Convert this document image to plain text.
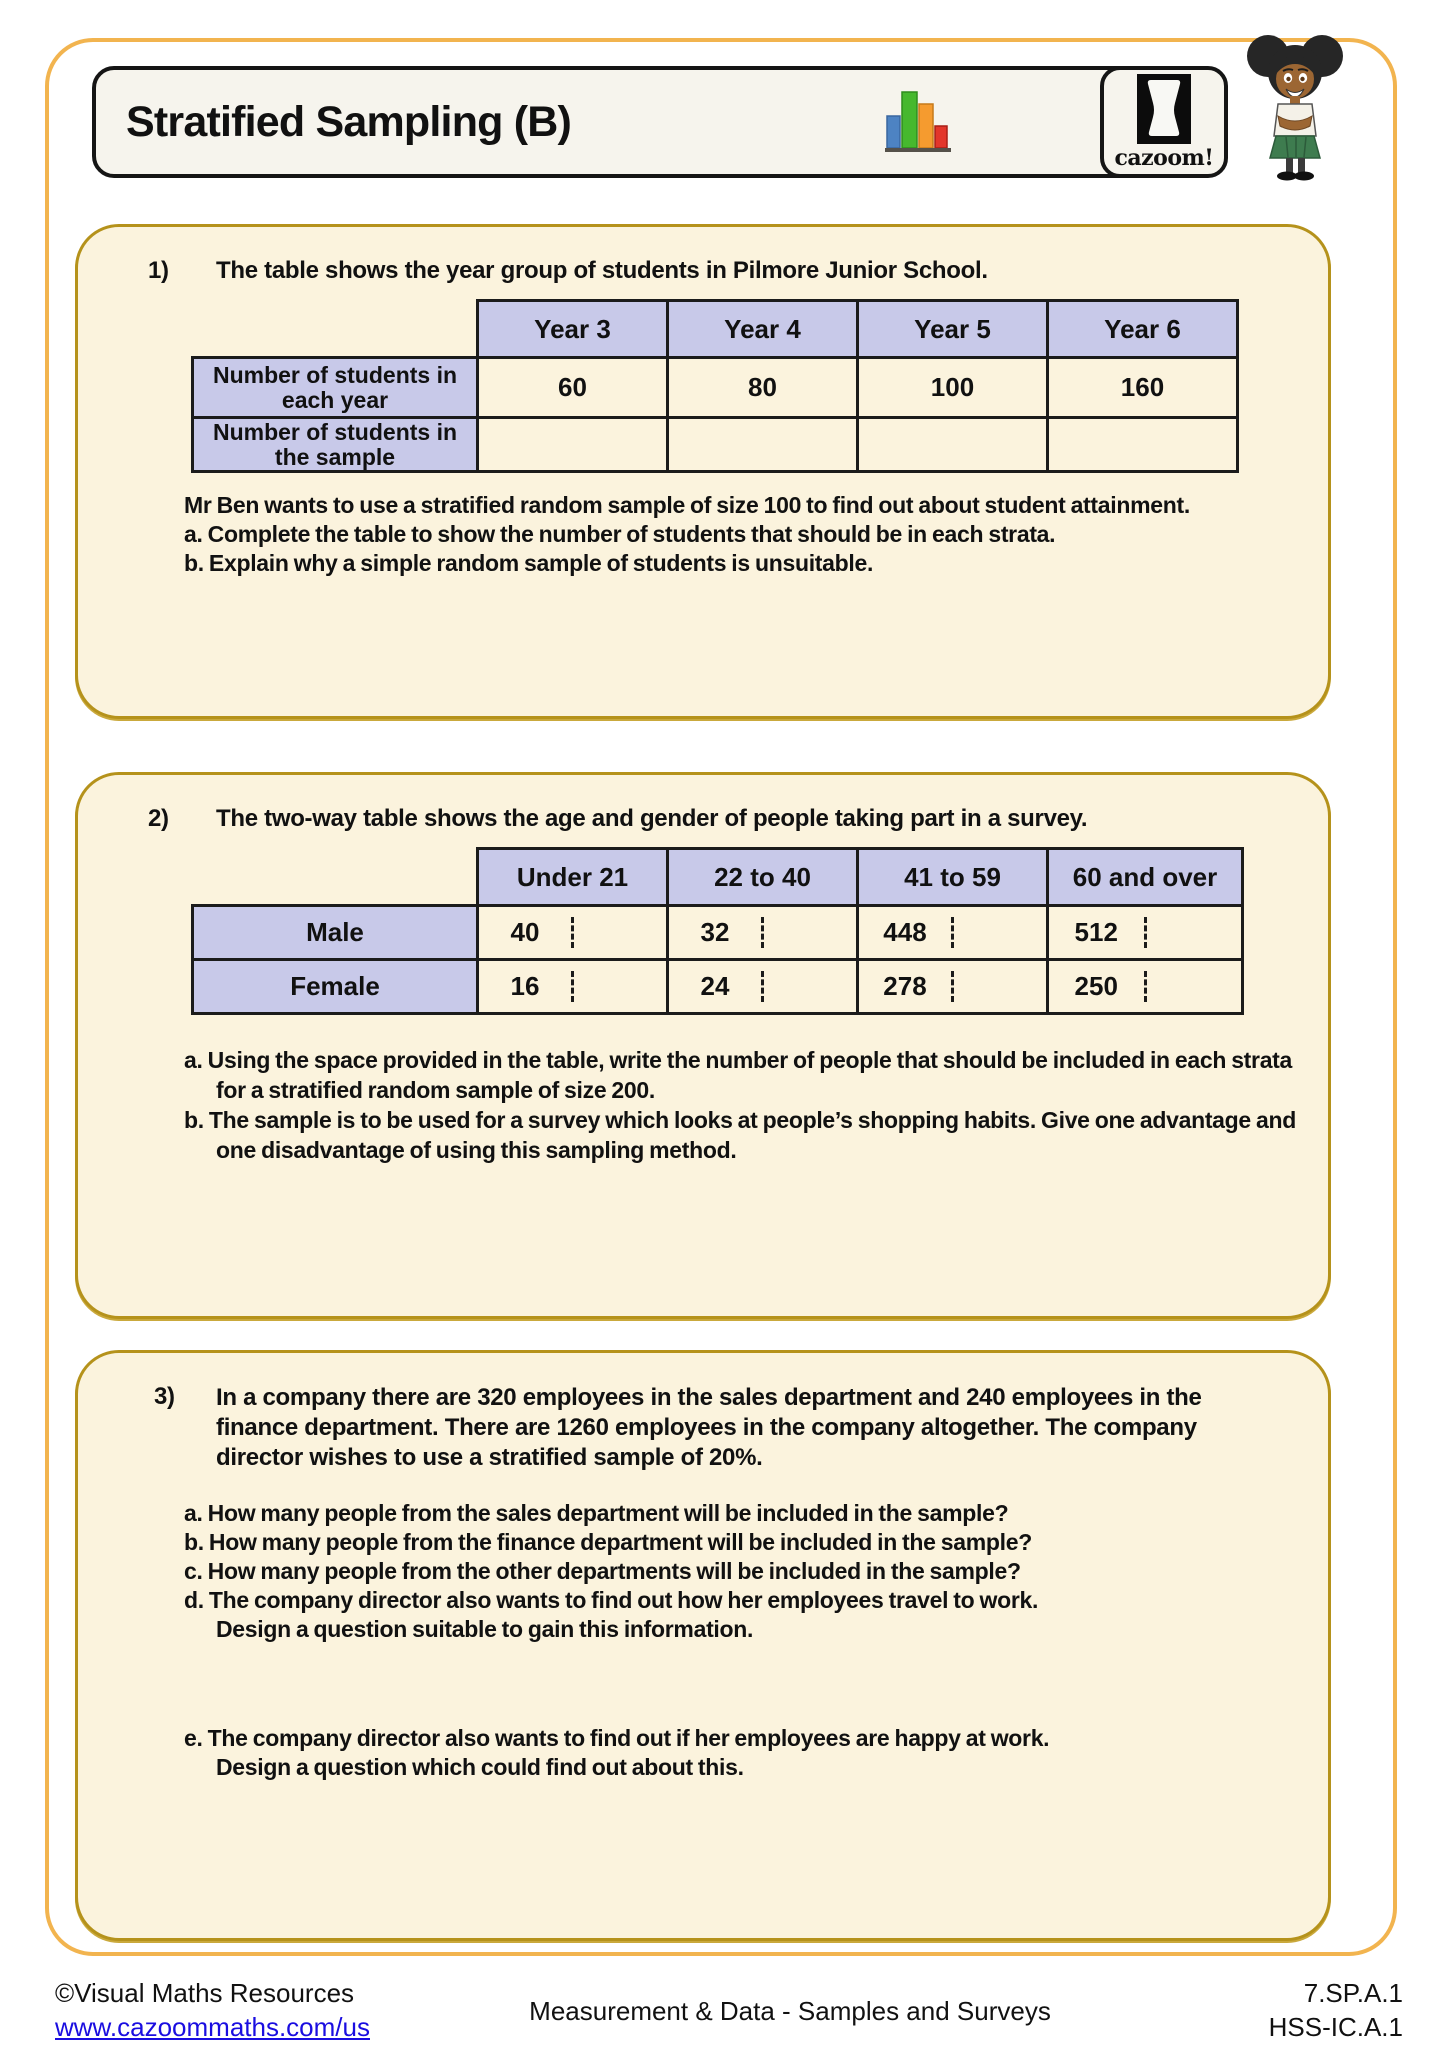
Stratified Sampling (B)
cazoom!
1)	The table shows the year group of students in Pilmore Junior School.
	Year 3	Year 4	Year 5	Year 6
Number of students in each year	60	80	100	160
Number of students in the sample				
Mr Ben wants to use a stratified random sample of size 100 to find out about student attainment.
a. Complete the table to show the number of students that should be in each strata.
b. Explain why a simple random sample of students is unsuitable.
2)	The two-way table shows the age and gender of people taking part in a survey.
	Under 21	22 to 40	41 to 59	60 and over
Male	40	32	448	512

Female	16	24	278	250
a. Using the space provided in the table, write the number of people that should be included in each strata for a stratified random sample of size 200.
b. The sample is to be used for a survey which looks at people’s shopping habits. Give one advantage and one disadvantage of using this sampling method.
3)	In a company there are 320 employees in the sales department and 240 employees in the finance department. There are 1260 employees in the company altogether. The company director wishes to use a stratified sample of 20%.
a. How many people from the sales department will be included in the sample?
b. How many people from the finance department will be included in the sample?
c. How many people from the other departments will be included in the sample?
d. The company director also wants to find out how her employees travel to work.
Design a question suitable to gain this information.
e. The company director also wants to find out if her employees are happy at work.
Design a question which could find out about this.
©Visual Maths Resources
www.cazoommaths.com/us
Measurement & Data - Samples and Surveys
7.SP.A.1
HSS-IC.A.1
